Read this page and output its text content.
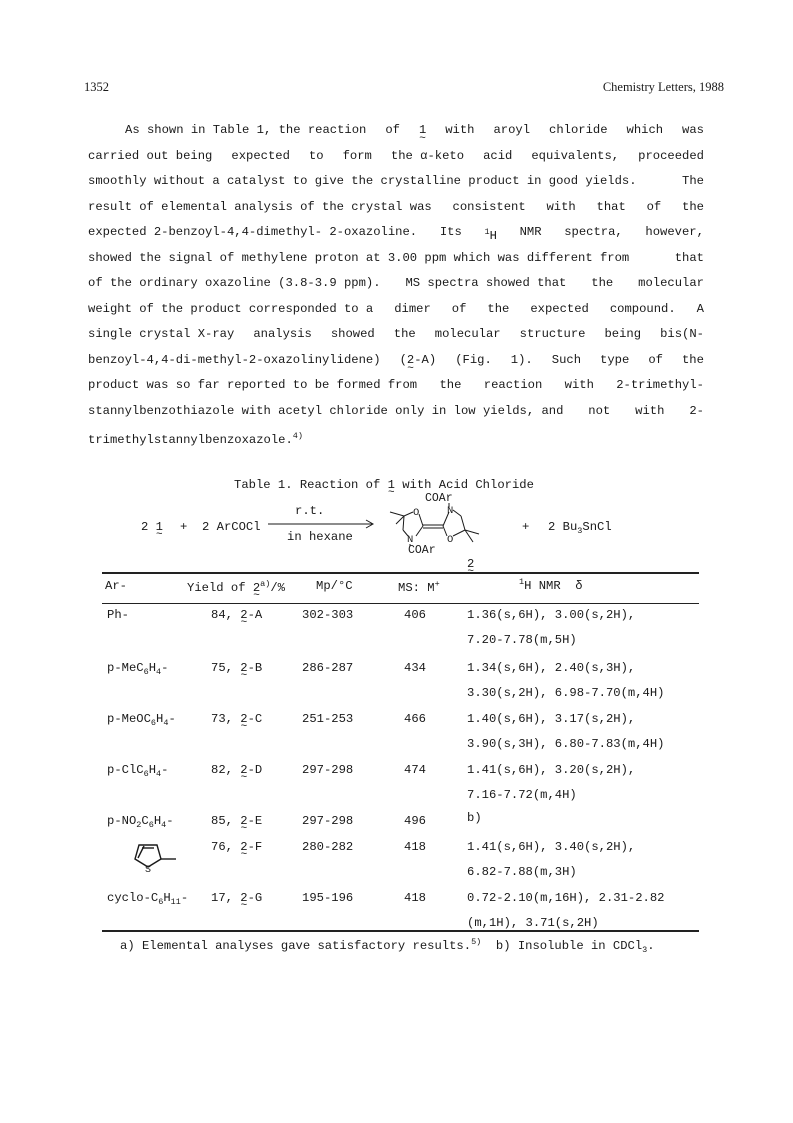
1352	Chemistry Letters, 1988
As shown in Table 1, the reaction of 1 ~ with aroyl chloride which was
carried out being expected to form the α-keto acid equivalents, proceeded
smoothly without a catalyst to give the crystalline product in good yields.	The
result of elemental analysis of the crystal was consistent with that of the
expected 2-benzoyl-4,4-dimethyl- 2-oxazoline. Its	$^1$H NMR spectra, however,
showed the signal of methylene proton at 3.00 ppm which was different from	that
of the ordinary oxazoline (3.8-3.9 ppm). MS spectra showed that the molecular
weight of the product corresponded to a dimer of the expected compound. A
single crystal X-ray analysis showed the molecular structure being bis(N-
benzoyl-4,4-di-methyl-2-oxazolinylidene) (2 ~-A) (Fig. 1). Such type of the
product was so far reported to be formed from the reaction with 2-trimethyl-
stannylbenzothiazole with acetyl chloride only in low yields, and not with 2-
trimethylstannylbenzoxazole.$^{4)}$
Table 1. Reaction of 1 ~ with Acid Chloride
2 1 ~ + 2 ArCOCl
r.t.
in hexane
COAr
O	N
N	O
COAr
2 ~
+ 2 $Bu_3SnCl$
Ar-	Yield of 2 ~$^{a)}$/%	Mp/°C	MS: M+	$^1$H NMR  δ
Ph-	84, 2 ~-A	302-303	406	1.36(s,6H), 3.00(s,2H),
7.20-7.78(m,5H)
$p-MeC_6H_4-$	75, 2 ~-B	286-287	434	1.34(s,6H), 2.40(s,3H),
3.30(s,2H), 6.98-7.70(m,4H)
$p-MeOC_6H_4-$	73, 2 ~-C	251-253	466	1.40(s,6H), 3.17(s,2H),
3.90(s,3H), 6.80-7.83(m,4H)
$p-ClC_6H_4-$	82, 2 ~-D	297-298	474	1.41(s,6H), 3.20(s,2H),
7.16-7.72(m,4H)
$p-NO_2C_6H_4-$	85, 2 ~-E	297-298	496	b)
S
76, 2 ~-F	280-282	418	1.41(s,6H), 3.40(s,2H),
6.82-7.88(m,3H)
cyclo-$C_6H_{11}-$ 17, 2 ~-G	195-196	418	0.72-2.10(m,16H), 2.31-2.82
(m,1H), 3.71(s,2H)
a) Elemental analyses gave satisfactory results.$^{5)}$  b) Insoluble in CDCl$_3$.
